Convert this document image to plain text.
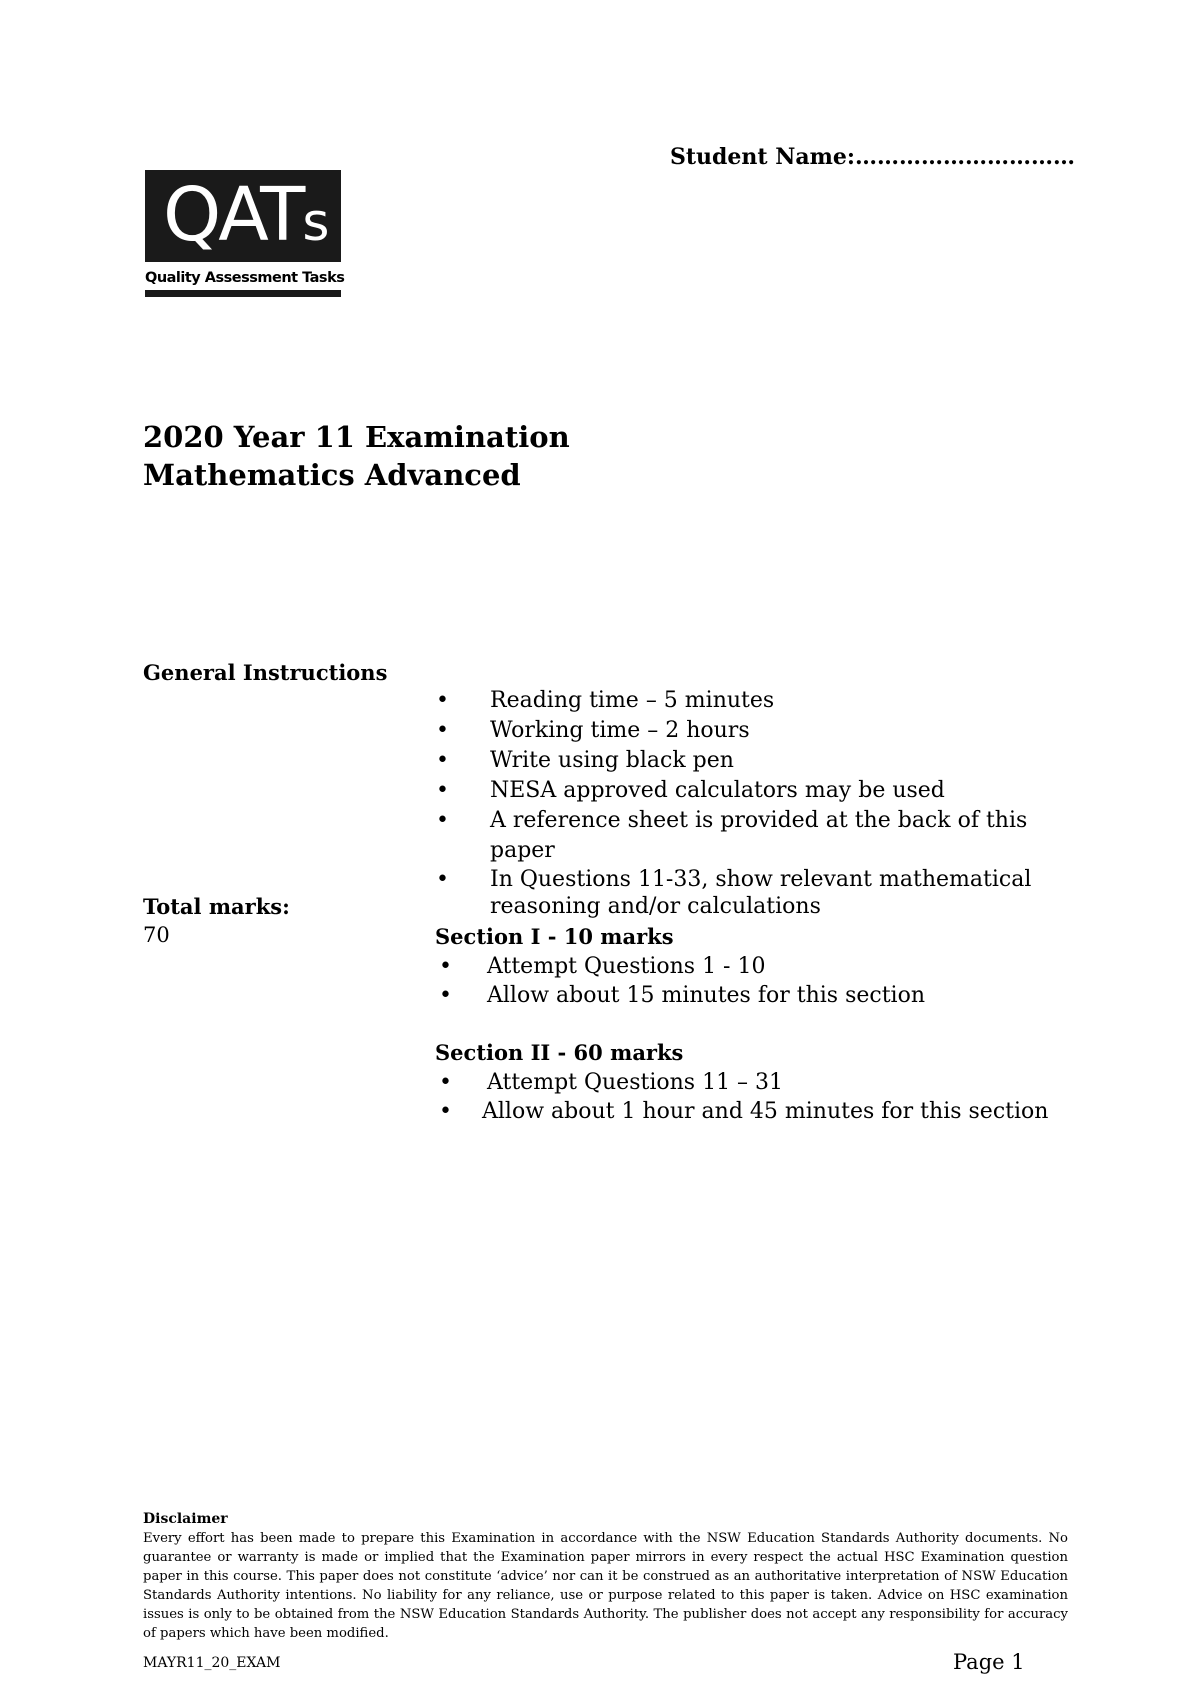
Student Name:…………………………
QATs
Quality Assessment Tasks
2020 Year 11 Examination
Mathematics Advanced
General Instructions
• Reading time – 5 minutes
• Working time – 2 hours
• Write using black pen
• NESA approved calculators may be used
• A reference sheet is provided at the back of this paper
• In Questions 11-33, show relevant mathematical reasoning and/or calculations
Total marks:
70	Section I - 10 marks
• Attempt Questions 1 - 10
• Allow about 15 minutes for this section
Section II - 60 marks
• Attempt Questions 11 – 31
• Allow about 1 hour and 45 minutes for this section
Disclaimer
Every effort has been made to prepare this Examination in accordance with the NSW Education Standards Authority documents. No guarantee or warranty is made or implied that the Examination paper mirrors in every respect the actual HSC Examination question paper in this course. This paper does not constitute ‘advice’ nor can it be construed as an authoritative interpretation of NSW Education Standards Authority intentions. No liability for any reliance, use or purpose related to this paper is taken. Advice on HSC examination issues is only to be obtained from the NSW Education Standards Authority. The publisher does not accept any responsibility for accuracy of papers which have been modified.
MAYR11_20_EXAM	Page 1
